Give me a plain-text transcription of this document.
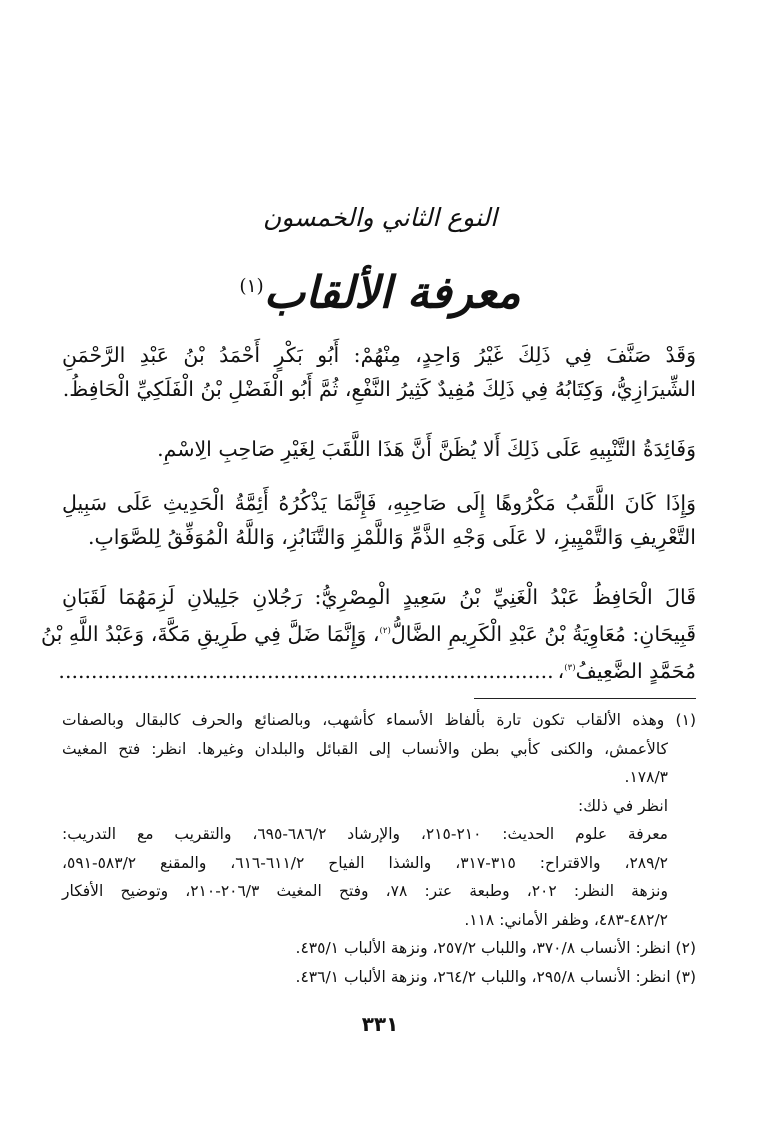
النوع الثاني والخمسون
معرفة الألقاب$^{(١)}$
وَقَدْ صَنَّفَ فِي ذَلِكَ غَيْرُ وَاحِدٍ، مِنْهُمْ: أَبُو بَكْرٍ أَحْمَدُ بْنُ عَبْدِ الرَّحْمَنِ
الشِّيرَازِيُّ، وَكِتَابُهُ فِي ذَلِكَ مُفِيدٌ كَثِيرُ النَّفْعِ، ثُمَّ أَبُو الْفَضْلِ بْنُ الْفَلَكِيِّ الْحَافِظُ.
وَفَائِدَةُ التَّنْبِيهِ عَلَى ذَلِكَ أَلا يُظَنَّ أَنَّ هَذَا اللَّقَبَ لِغَيْرِ صَاحِبِ الِاسْمِ.
وَإِذَا كَانَ اللَّقَبُ مَكْرُوهًا إِلَى صَاحِبِهِ، فَإِنَّمَا يَذْكُرُهُ أَئِمَّةُ الْحَدِيثِ عَلَى سَبِيلِ
التَّعْرِيفِ وَالتَّمْيِيزِ، لا عَلَى وَجْهِ الذَّمِّ وَاللَّمْزِ وَالتَّنَابُزِ، وَاللَّهُ الْمُوَفِّقُ لِلصَّوَابِ.
قَالَ الْحَافِظُ عَبْدُ الْغَنِيِّ بْنُ سَعِيدٍ الْمِصْرِيُّ: رَجُلانِ جَلِيلانِ لَزِمَهُمَا لَقَبَانِ
قَبِيحَانِ: مُعَاوِيَةُ بْنُ عَبْدِ الْكَرِيمِ الضَّالُّ$^{(٢)}$، وَإِنَّمَا ضَلَّ فِي طَرِيقِ مَكَّةَ، وَعَبْدُ اللَّهِ بْنُ
مُحَمَّدٍ الضَّعِيفُ$^{(٣)}$،............................................................................
(١) وهذه الألقاب تكون تارة بألفاظ الأسماء كأشهب، وبالصنائع والحرف كالبقال وبالصفات
كالأعمش، والكنى كأبي بطن والأنساب إلى القبائل والبلدان وغيرها. انظر: فتح المغيث
١٧٨/٣.
انظر في ذلك:
معرفة علوم الحديث: ٢١٠-٢١٥، والإرشاد ٦٨٦/٢-٦٩٥، والتقريب مع التدريب:
٢٨٩/٢، والاقتراح: ٣١٥-٣١٧، والشذا الفياح ٦١١/٢-٦١٦، والمقنع ٥٨٣/٢-٥٩١،
ونزهة النظر: ٢٠٢، وطبعة عتر: ٧٨، وفتح المغيث ٢٠٦/٣-٢١٠، وتوضيح الأفكار
٤٨٢/٢-٤٨٣، وظفر الأماني: ١١٨.
(٢) انظر: الأنساب ٣٧٠/٨، واللباب ٢٥٧/٢، ونزهة الألباب ٤٣٥/١.
(٣) انظر: الأنساب ٢٩٥/٨، واللباب ٢٦٤/٢، ونزهة الألباب ٤٣٦/١.
٣٣١
